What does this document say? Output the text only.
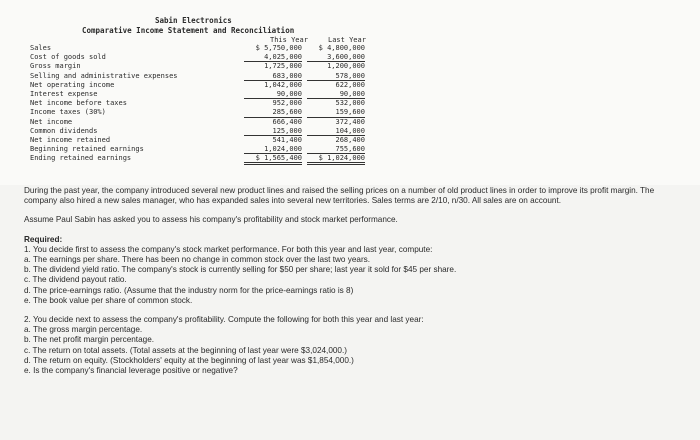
Sabin Electronics
Comparative Income Statement and Reconciliation
This Year	Last Year
Sales
Cost of goods sold
Gross margin
Selling and administrative expenses
Net operating income
Interest expense
Net income before taxes
Income taxes (30%)
Net income
Common dividends
Net income retained
Beginning retained earnings
Ending retained earnings
$ 5,750,000
4,025,000
1,725,000
683,000
1,042,000
90,000
952,000
285,600
666,400
125,000
541,400
1,024,000
$ 1,565,400
$ 4,800,000
3,600,000
1,200,000
578,000
622,000
90,000
532,000
159,600
372,400
104,000
268,400
755,600
$ 1,024,000

During the past year, the company introduced several new product lines and raised the selling prices on a number of old product lines in order to improve its profit margin. The company also hired a new sales manager, who has expanded sales into several new territories. Sales terms are 2/10, n/30. All sales are on account.

Assume Paul Sabin has asked you to assess his company's profitability and stock market performance.

Required:

1. You decide first to assess the company's stock market performance. For both this year and last year, compute:

a. The earnings per share. There has been no change in common stock over the last two years.

b. The dividend yield ratio. The company's stock is currently selling for $50 per share; last year it sold for $45 per share.

c. The dividend payout ratio.

d. The price-earnings ratio. (Assume that the industry norm for the price-earnings ratio is 8)

e. The book value per share of common stock.

2. You decide next to assess the company's profitability. Compute the following for both this year and last year:

a. The gross margin percentage.

b. The net profit margin percentage.

c. The return on total assets. (Total assets at the beginning of last year were $3,024,000.)

d. The return on equity. (Stockholders' equity at the beginning of last year was $1,854,000.)

e. Is the company's financial leverage positive or negative?
